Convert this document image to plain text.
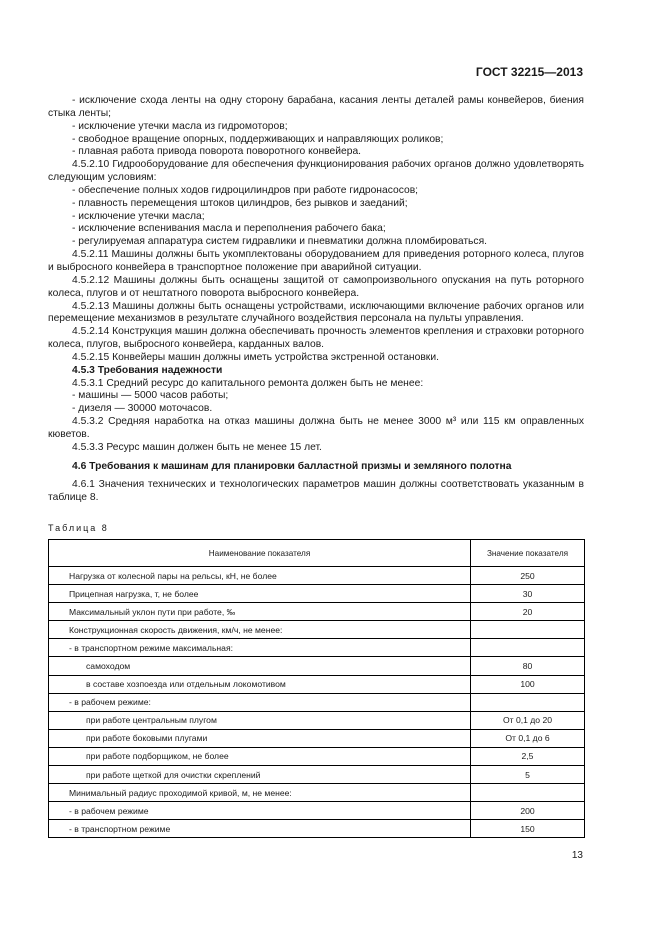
ГОСТ 32215—2013

- исключение схода ленты на одну сторону барабана, касания ленты деталей рамы конвейеров, биения стыка ленты;

- исключение утечки масла из гидромоторов;

- свободное вращение опорных, поддерживающих и направляющих роликов;

- плавная работа привода поворота поворотного конвейера.

4.5.2.10 Гидрооборудование для обеспечения функционирования рабочих органов должно удовлетворять следующим условиям:

- обеспечение полных ходов гидроцилиндров при работе гидронасосов;

- плавность перемещения штоков цилиндров, без рывков и заеданий;

- исключение утечки масла;

- исключение вспенивания масла и переполнения рабочего бака;

- регулируемая аппаратура систем гидравлики и пневматики должна пломбироваться.

4.5.2.11 Машины должны быть укомплектованы оборудованием для приведения роторного колеса, плугов и выбросного конвейера в транспортное положение при аварийной ситуации.

4.5.2.12 Машины должны быть оснащены защитой от самопроизвольного опускания на путь роторного колеса, плугов и от нештатного поворота выбросного конвейера.

4.5.2.13 Машины должны быть оснащены устройствами, исключающими включение рабочих органов или перемещение механизмов в результате случайного воздействия персонала на пульты управления.

4.5.2.14 Конструкция машин должна обеспечивать прочность элементов крепления и страховки роторного колеса, плугов, выбросного конвейера, карданных валов.

4.5.2.15 Конвейеры машин должны иметь устройства экстренной остановки.

4.5.3 Требования надежности

4.5.3.1 Средний ресурс до капитального ремонта должен быть не менее:

- машины — 5000 часов работы;

- дизеля — 30000 моточасов.

4.5.3.2 Средняя наработка на отказ машины должна быть не менее 3000 м³ или 115 км оправленных кюветов.

4.5.3.3 Ресурс машин должен быть не менее 15 лет.

4.6 Требования к машинам для планировки балластной призмы и земляного полотна

4.6.1 Значения технических и технологических параметров машин должны соответствовать указанным в таблице 8.

Таблица 8
Наименование показателя	Значение показателя
Нагрузка от колесной пары на рельсы, кН, не более	250
Прицепная нагрузка, т, не более	30
Максимальный уклон пути при работе, ‰	20
Конструкционная скорость движения, км/ч, не менее:	
- в транспортном режиме максимальная:	
самоходом	80
в составе хозпоезда или отдельным локомотивом	100
- в рабочем режиме:	
при работе центральным плугом	От 0,1 до 20
при работе боковыми плугами	От 0,1 до 6
при работе подборщиком, не более	2,5
при работе щеткой для очистки скреплений	5
Минимальный радиус проходимой кривой, м, не менее:	
- в рабочем режиме	200
- в транспортном режиме	150
13
